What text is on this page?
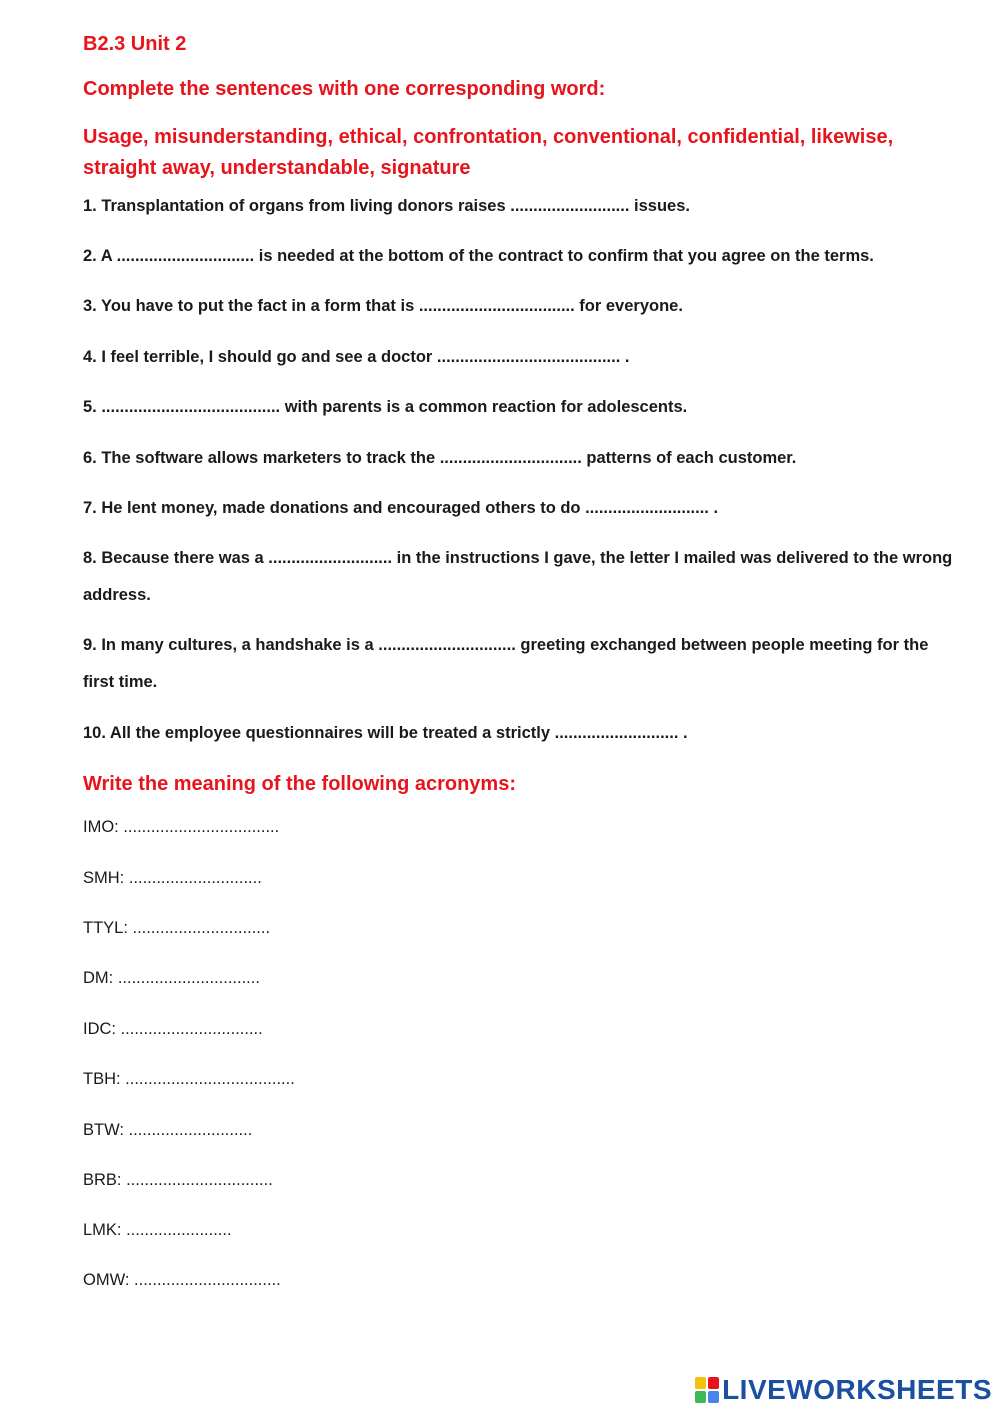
B2.3 Unit 2
Complete the sentences with one corresponding word:
Usage, misunderstanding, ethical, confrontation, conventional, confidential, likewise, straight away, understandable, signature
1. Transplantation of organs from living donors raises .......................... issues.
2. A .............................. is needed at the bottom of the contract to confirm that you agree on the terms.
3. You have to put the fact in a form that is .................................. for everyone.
4. I feel terrible, I should go and see a doctor ........................................ .
5. ....................................... with parents is a common reaction for adolescents.
6. The software allows marketers to track the ............................... patterns of each customer.
7. He lent money, made donations and encouraged others to do ........................... .
8. Because there was a ........................... in the instructions I gave, the letter I mailed was delivered to the wrong address.
9. In many cultures, a handshake is a .............................. greeting exchanged between people meeting for the first time.
10. All the employee questionnaires will be treated a strictly ........................... .
Write the meaning of the following acronyms:
IMO: ..................................
SMH: .............................
TTYL: ..............................
DM: ...............................
IDC: ...............................
TBH: .....................................
BTW: ...........................
BRB: ................................
LMK: .......................
OMW: ................................
LIVEWORKSHEETS
